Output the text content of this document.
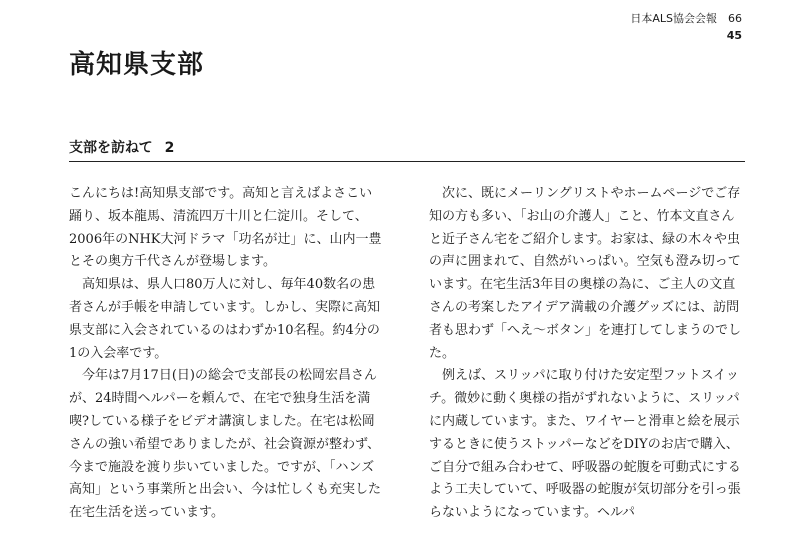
日本ALS協会会報　66
45
高知県支部
支部を訪ねて 2

こんにちは!高知県支部です。高知と言えばよさこい踊り、坂本龍馬、清流四万十川と仁淀川。そして、2006年のNHK大河ドラマ「功名が辻」に、山内一豊とその奥方千代さんが登場します。

高知県は、県人口80万人に対し、毎年40数名の患者さんが手帳を申請しています。しかし、実際に高知県支部に入会されているのはわずか10名程。約4分の1の入会率です。

今年は7月17日(日)の総会で支部長の松岡宏昌さんが、24時間ヘルパーを頼んで、在宅で独身生活を満喫?している様子をビデオ講演しました。在宅は松岡さんの強い希望でありましたが、社会資源が整わず、今まで施設を渡り歩いていました。ですが、「ハンズ高知」という事業所と出会い、今は忙しくも充実した在宅生活を送っています。

次に、既にメーリングリストやホームページでご存知の方も多い、「お山の介護人」こと、竹本文直さんと近子さん宅をご紹介します。お家は、緑の木々や虫の声に囲まれて、自然がいっぱい。空気も澄み切っています。在宅生活3年目の奥様の為に、ご主人の文直さんの考案したアイデア満載の介護グッズには、訪問者も思わず「へえ～ボタン」を連打してしまうのでした。

例えば、スリッパに取り付けた安定型フットスイッチ。微妙に動く奥様の指がずれないように、スリッパに内蔵しています。また、ワイヤーと滑車と絵を展示するときに使うストッパーなどをDIYのお店で購入、ご自分で組み合わせて、呼吸器の蛇腹を可動式にするよう工夫していて、呼吸器の蛇腹が気切部分を引っ張らないようになっています。ヘルパ
